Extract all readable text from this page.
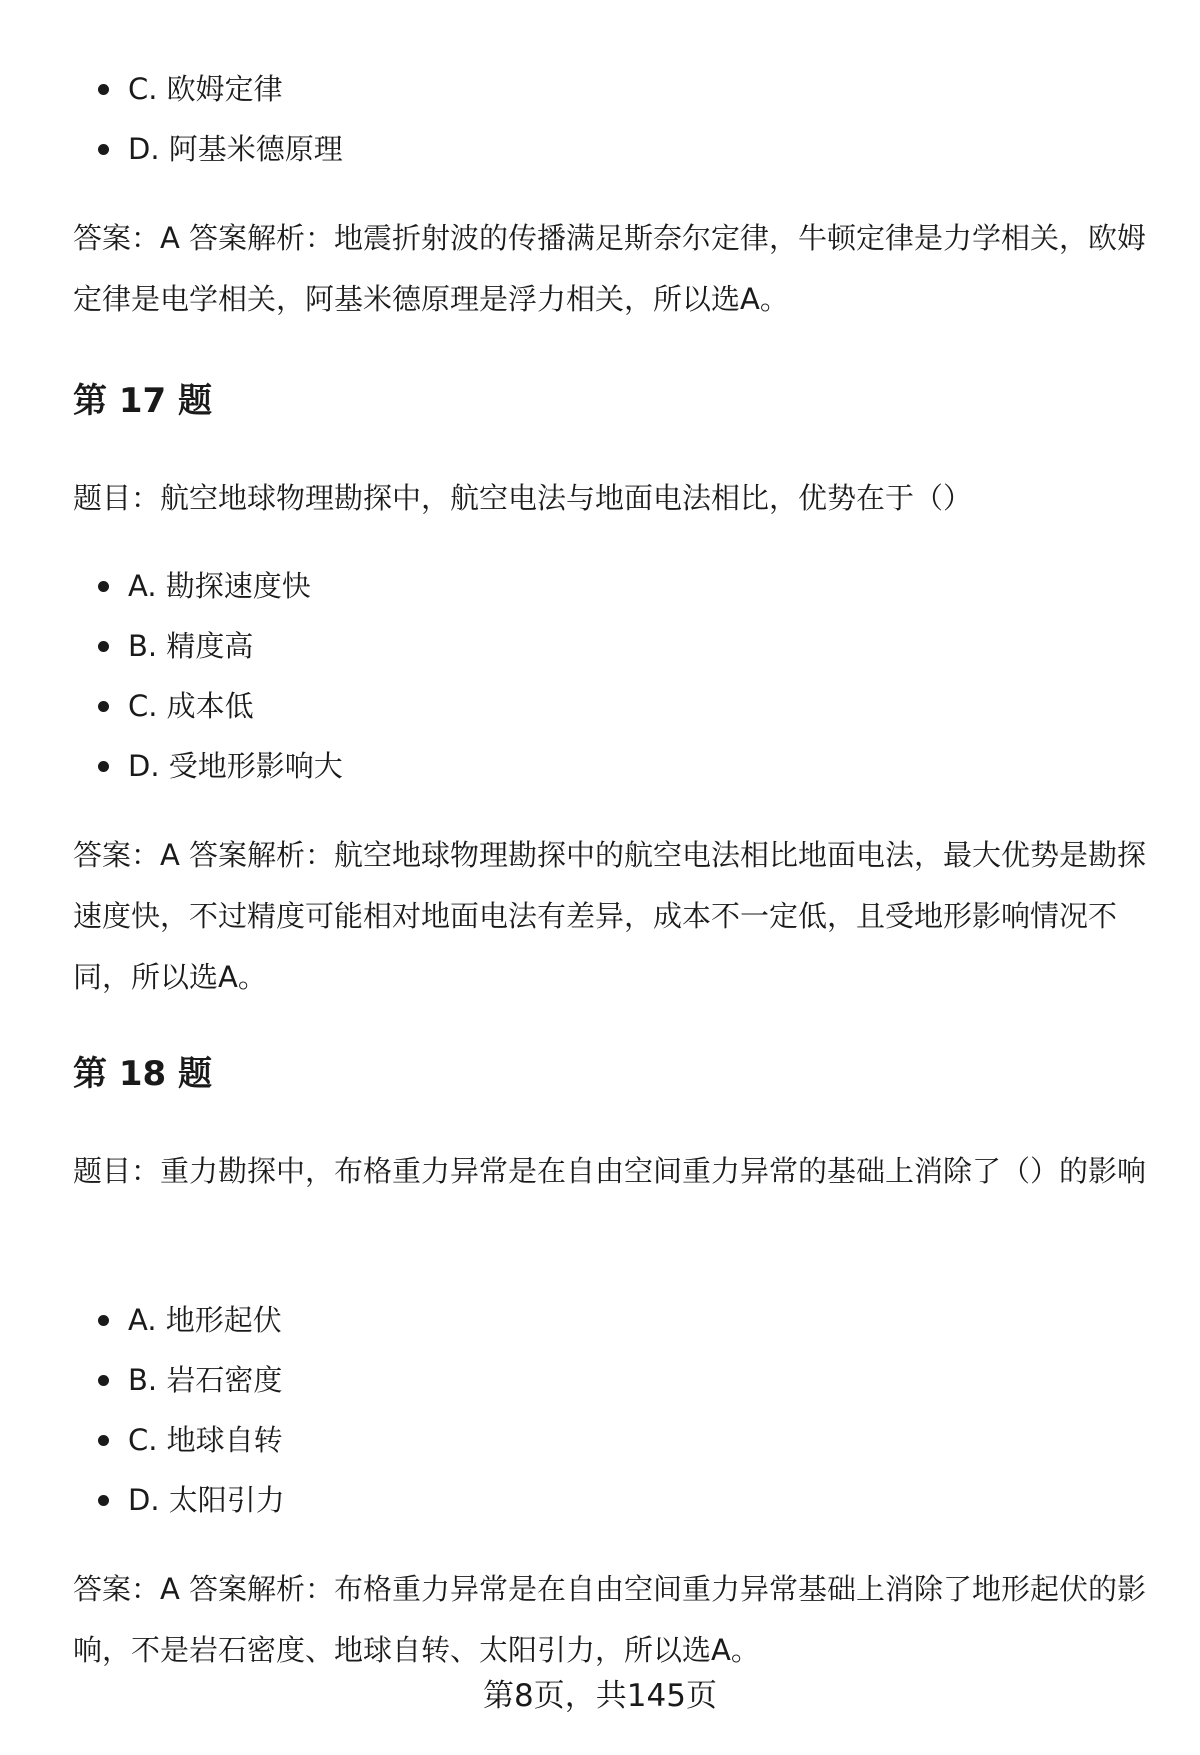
C. 欧姆定律
D. 阿基米德原理

答案：A 答案解析：地震折射波的传播满足斯奈尔定律，牛顿定律是力学相关，欧姆定律是电学相关，阿基米德原理是浮力相关，所以选A。

第 17 题

题目：航空地球物理勘探中，航空电法与地面电法相比，优势在于（）

A. 勘探速度快
B. 精度高
C. 成本低
D. 受地形影响大

答案：A 答案解析：航空地球物理勘探中的航空电法相比地面电法，最大优势是勘探速度快，不过精度可能相对地面电法有差异，成本不一定低，且受地形影响情况不同，所以选A。

第 18 题

题目：重力勘探中，布格重力异常是在自由空间重力异常的基础上消除了（）的影响

A. 地形起伏
B. 岩石密度
C. 地球自转
D. 太阳引力

答案：A 答案解析：布格重力异常是在自由空间重力异常基础上消除了地形起伏的影响，不是岩石密度、地球自转、太阳引力，所以选A。

第8页，共145页
